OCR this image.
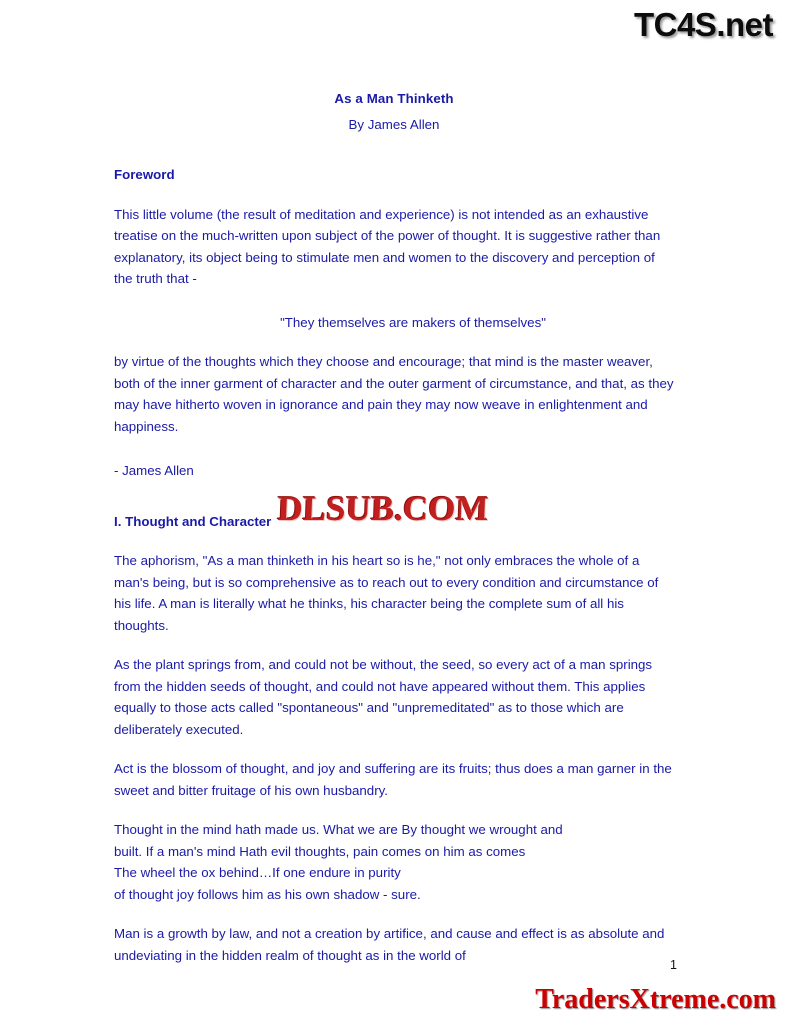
TC4S.net
As a Man Thinketh
By James Allen
Foreword

This little volume (the result of meditation and experience) is not intended as an exhaustive treatise on the much-written upon subject of the power of thought. It is suggestive rather than explanatory, its object being to stimulate men and women to the discovery and perception of the truth that -

"They themselves are makers of themselves"

by virtue of the thoughts which they choose and encourage; that mind is the master weaver, both of the inner garment of character and the outer garment of circumstance, and that, as they may have hitherto woven in ignorance and pain they may now weave in enlightenment and happiness.

- James Allen
I. Thought and Character

The aphorism, "As a man thinketh in his heart so is he," not only embraces the whole of a man's being, but is so comprehensive as to reach out to every condition and circumstance of his life. A man is literally what he thinks, his character being the complete sum of all his thoughts.

As the plant springs from, and could not be without, the seed, so every act of a man springs from the hidden seeds of thought, and could not have appeared without them. This applies equally to those acts called "spontaneous" and "unpremeditated" as to those which are deliberately executed.

Act is the blossom of thought, and joy and suffering are its fruits; thus does a man garner in the sweet and bitter fruitage of his own husbandry.

Thought in the mind hath made us. What we are By thought we wrought and
built. If a man's mind Hath evil thoughts, pain comes on him as comes
The wheel the ox behind…If one endure in purity
of thought joy follows him as his own shadow - sure.

Man is a growth by law, and not a creation by artifice, and cause and effect is as absolute and undeviating in the hidden realm of thought as in the world of

DLSUB.COM
1
TradersXtreme.com
